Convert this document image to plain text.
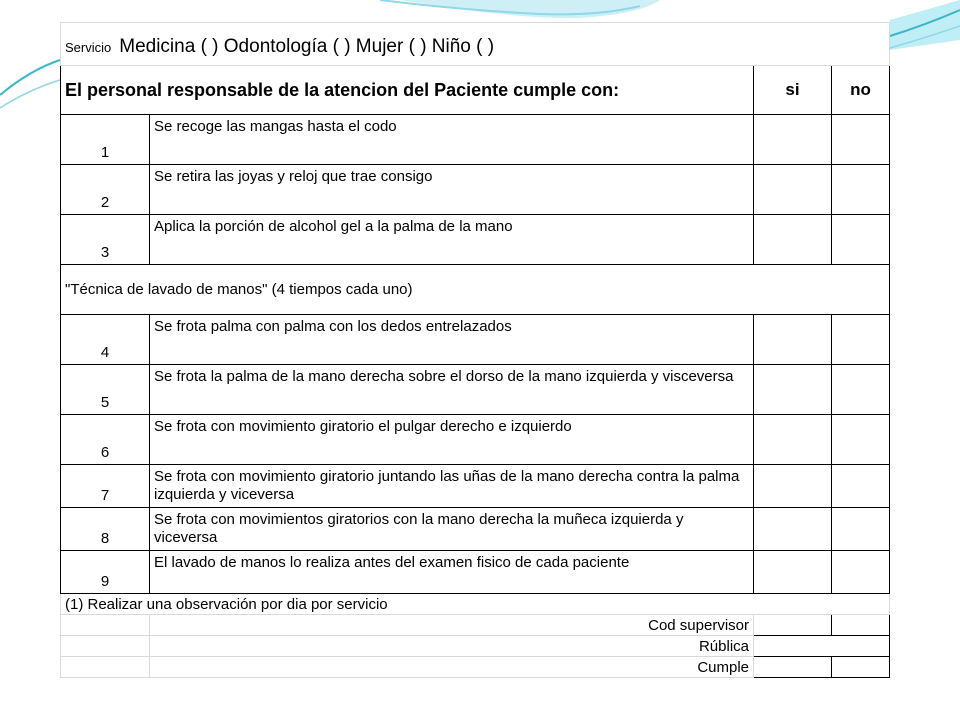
Servicio Medicina ( ) Odontología ( ) Mujer ( ) Niño ( )			
El personal responsable de la atencion del Paciente cumple con:		si	no
1	Se recoge las mangas hasta el codo		
2	Se retira las joyas y reloj que trae consigo		
3	Aplica la porción de alcohol gel a la palma de la mano		
"Técnica de lavado de manos" (4 tiempos cada uno)			
4	Se frota palma con palma con los dedos entrelazados		
5	Se frota la palma de la mano derecha sobre el dorso de la mano izquierda y visceversa		
6	Se frota con movimiento giratorio el pulgar derecho e izquierdo		
7	Se frota con movimiento giratorio juntando las uñas de la mano derecha contra la palma izquierda y viceversa		
8	Se frota con movimientos giratorios con la mano derecha la muñeca izquierda y viceversa		
9	El lavado de manos lo realiza antes del examen fisico de cada paciente		
(1) Realizar una observación por dia por servicio			
	Cod supervisor		
	Rública		
	Cumple		
